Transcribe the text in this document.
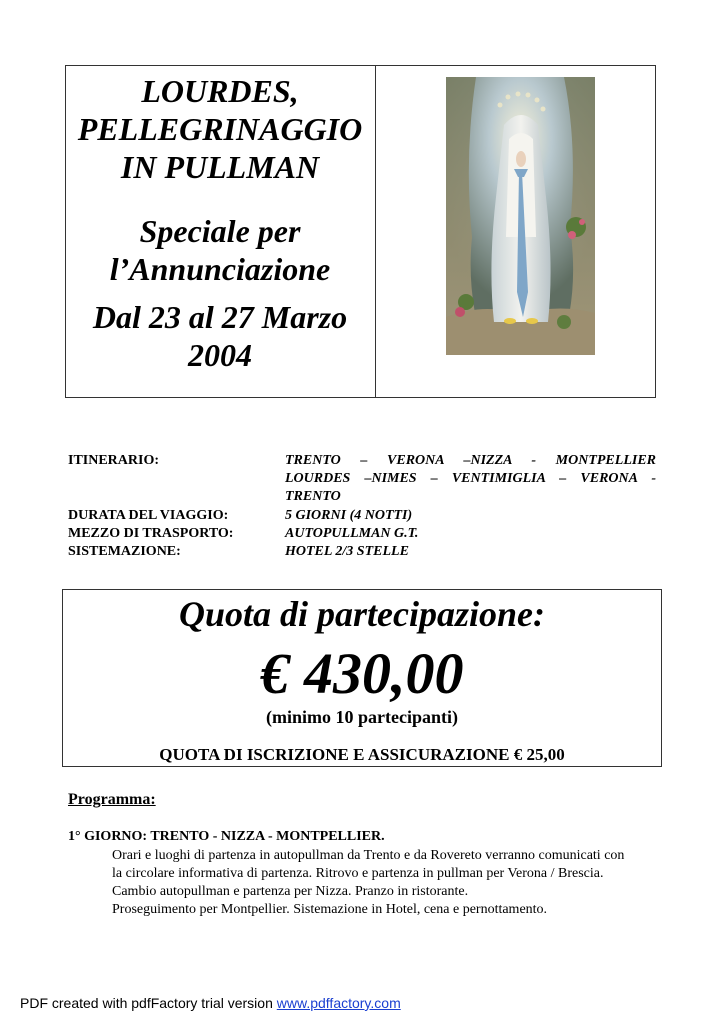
LOURDES,
PELLEGRINAGGIO
IN PULLMAN
Speciale per
l’Annunciazione
Dal 23 al 27 Marzo
2004
ITINERARIO:	TRENTO – VERONA –NIZZA - MONTPELLIER
LOURDES –NIMES – VENTIMIGLIA – VERONA -
TRENTO
DURATA DEL VIAGGIO:	5 GIORNI (4 NOTTI)
MEZZO DI TRASPORTO:	AUTOPULLMAN G.T.
SISTEMAZIONE:	HOTEL 2/3 STELLE
Quota di partecipazione:
€ 430,00
(minimo 10 partecipanti)
QUOTA DI ISCRIZIONE E ASSICURAZIONE € 25,00
Programma:
1° GIORNO: TRENTO - NIZZA - MONTPELLIER.
Orari e luoghi di partenza in autopullman da Trento e da Rovereto verranno comunicati con
la circolare informativa di partenza. Ritrovo e partenza in pullman per Verona / Brescia.
Cambio autopullman e partenza per Nizza. Pranzo in ristorante.
Proseguimento per Montpellier. Sistemazione in Hotel, cena e pernottamento.
PDF created with pdfFactory trial version www.pdffactory.com
